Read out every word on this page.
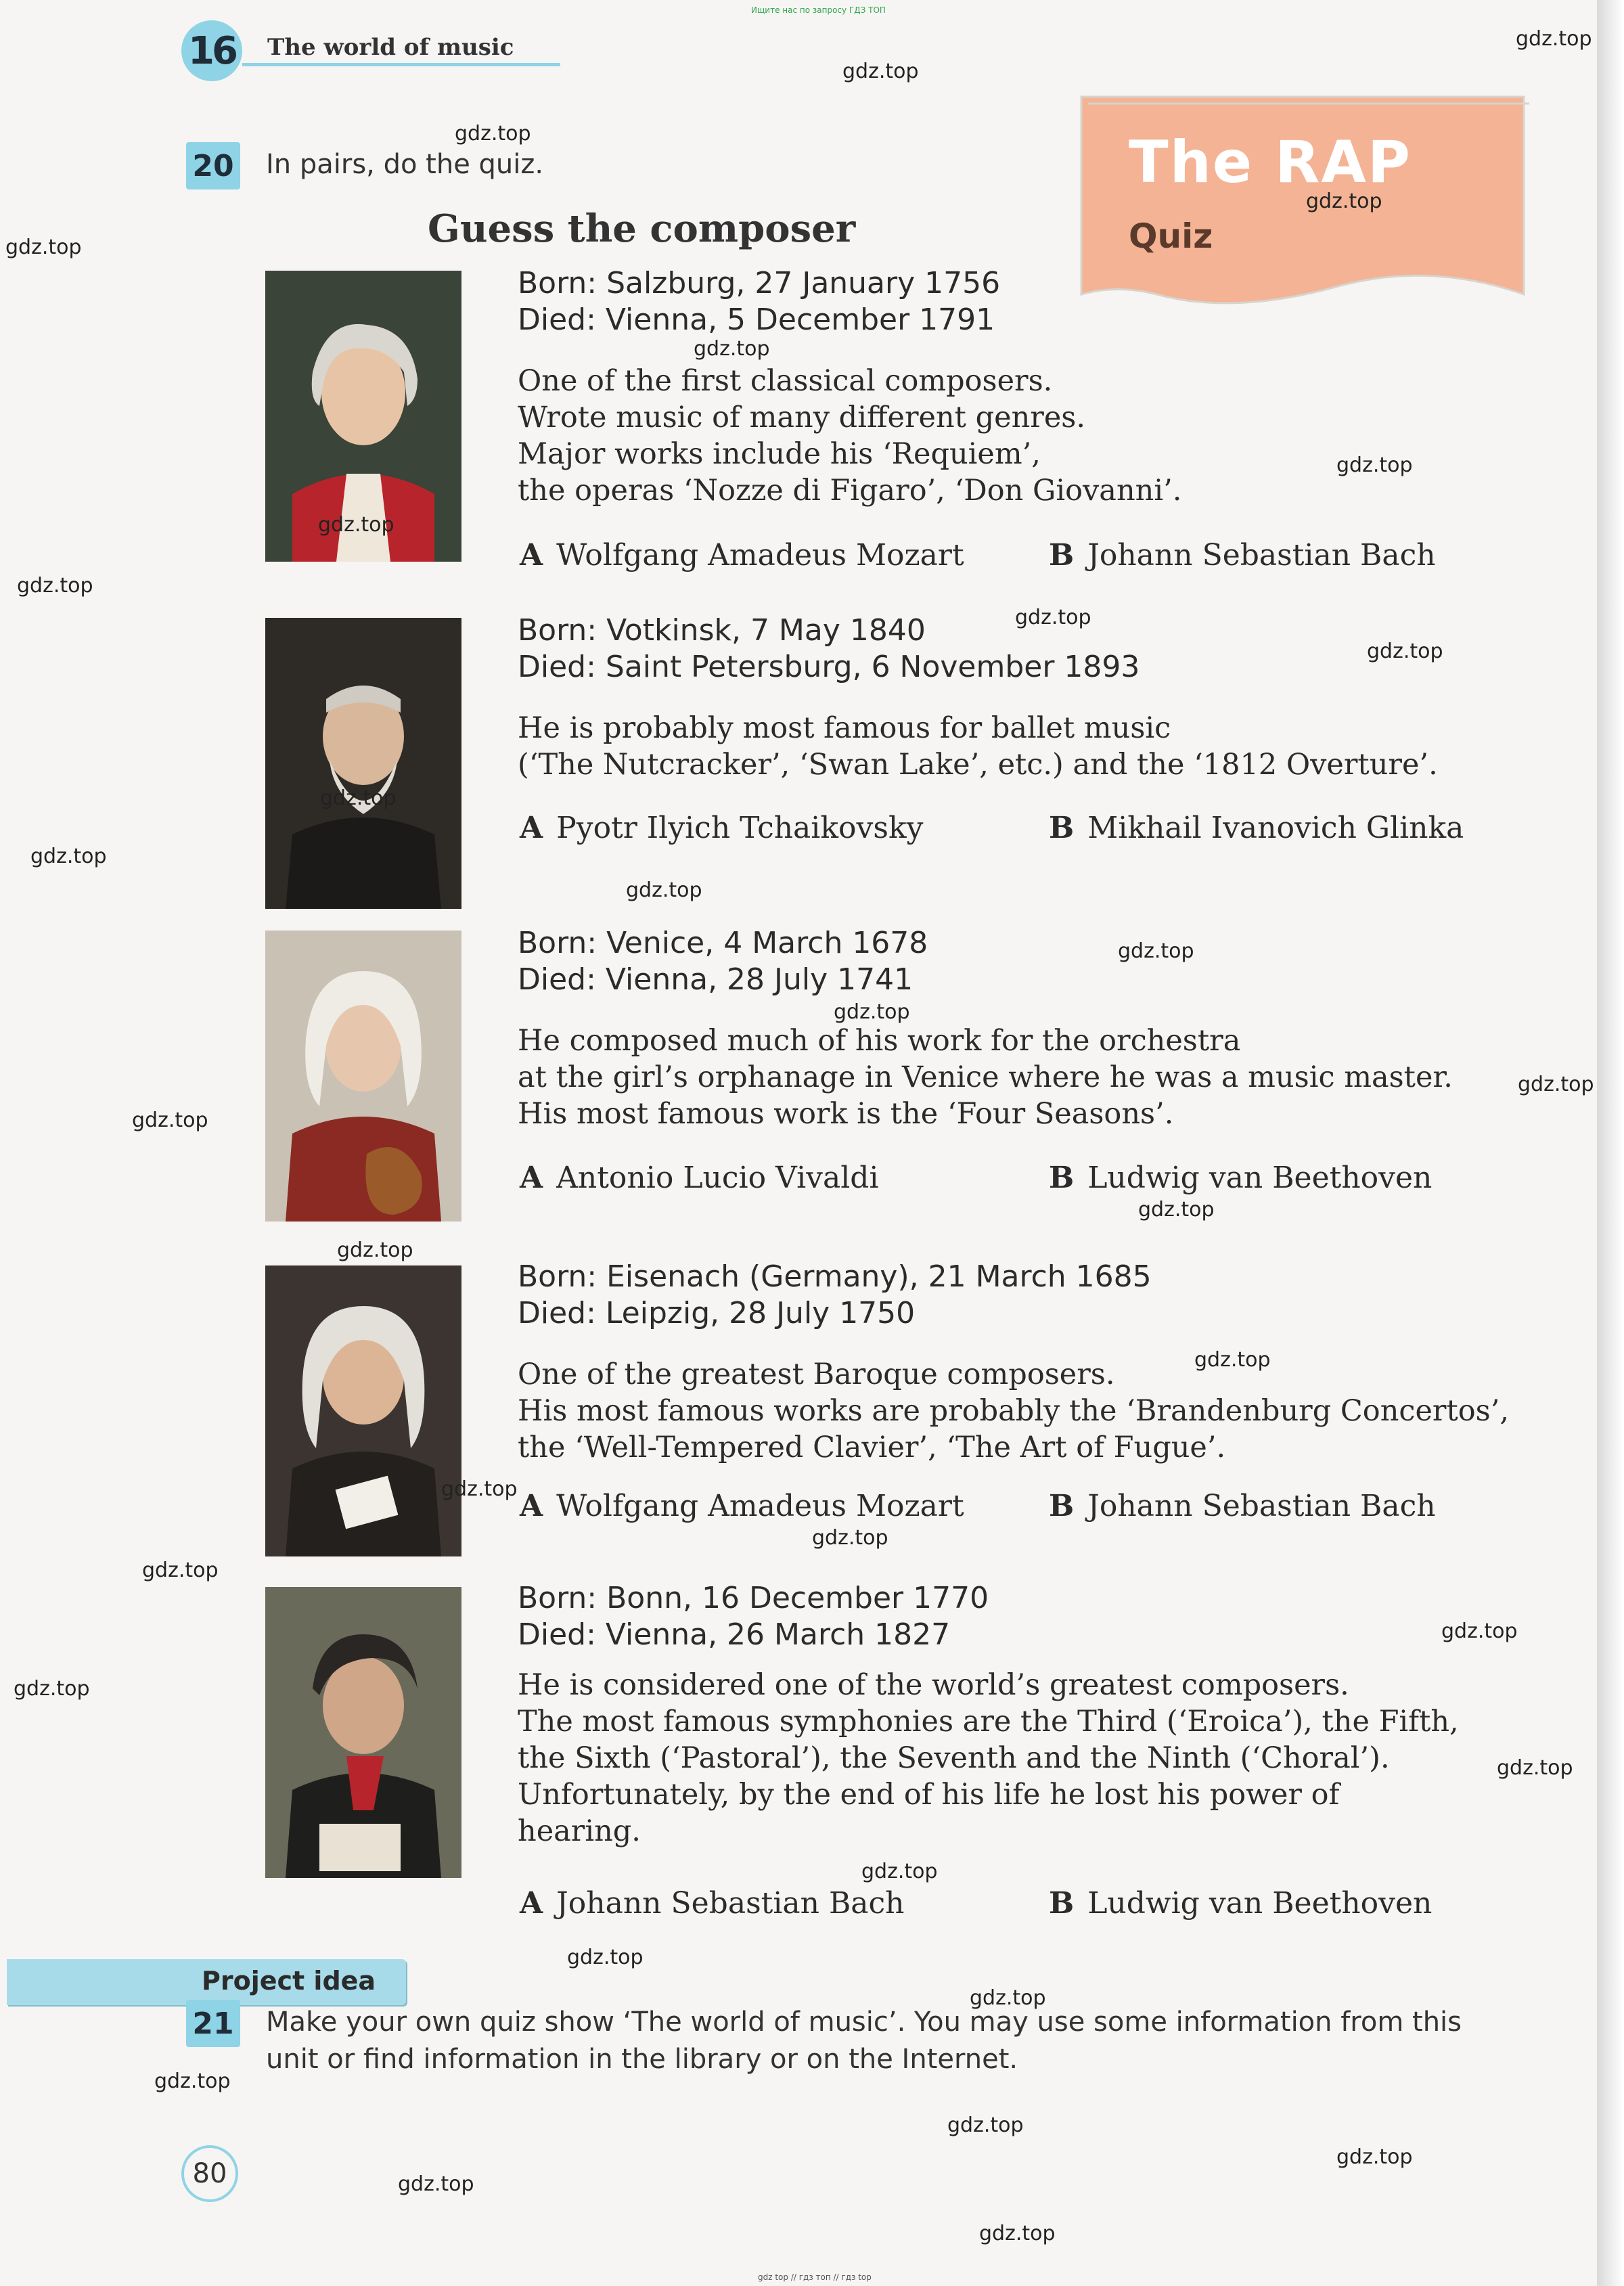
Ищите нас по запросу ГДЗ ТОП
16 The world of music
20 In pairs, do the quiz.	The RAP
Quiz
Guess the composer
Born: Salzburg, 27 January 1756
Died: Vienna, 5 December 1791
One of the first classical composers.
Wrote music of many different genres.
Major works include his ‘Requiem’,
the operas ‘Nozze di Figaro’, ‘Don Giovanni’.
A Wolfgang Amadeus Mozart	B Johann Sebastian Bach
Born: Votkinsk, 7 May 1840
Died: Saint Petersburg, 6 November 1893
He is probably most famous for ballet music
(‘The Nutcracker’, ‘Swan Lake’, etc.) and the ‘1812 Overture’.
A Pyotr Ilyich Tchaikovsky	B Mikhail Ivanovich Glinka
Born: Venice, 4 March 1678
Died: Vienna, 28 July 1741
He composed much of his work for the orchestra
at the girl’s orphanage in Venice where he was a music master.
His most famous work is the ‘Four Seasons’.
A Antonio Lucio Vivaldi	B Ludwig van Beethoven
Born: Eisenach (Germany), 21 March 1685
Died: Leipzig, 28 July 1750
One of the greatest Baroque composers.
His most famous works are probably the ‘Brandenburg Concertos’,
the ‘Well-Tempered Clavier’, ‘The Art of Fugue’.
A Wolfgang Amadeus Mozart	B Johann Sebastian Bach
Born: Bonn, 16 December 1770
Died: Vienna, 26 March 1827
He is considered one of the world’s greatest composers.
The most famous symphonies are the Third (‘Eroica’), the Fifth,
the Sixth (‘Pastoral’), the Seventh and the Ninth (‘Choral’).
Unfortunately, by the end of his life he lost his power of
hearing.
A Johann Sebastian Bach	B Ludwig van Beethoven
Project idea
21 Make your own quiz show ‘The world of music’. You may use some information from this
unit or find information in the library or on the Internet.
80
gdz.top
gdz.top
gdz.top
gdz.top
gdz.top
gdz.top
gdz.top
gdz.top
gdz.top
gdz.top
gdz.top
gdz.top
gdz.top
gdz.top
gdz.top
gdz.top
gdz.top
gdz.top
gdz.top
gdz.top
gdz.top
gdz.top
gdz.top
gdz.top
gdz.top
gdz.top
gdz.top
gdz.top
gdz.top
gdz.top
gdz.top
gdz.top
gdz.top
gdz.top
gdz.top
gdz top // гдз топ // гдз top
